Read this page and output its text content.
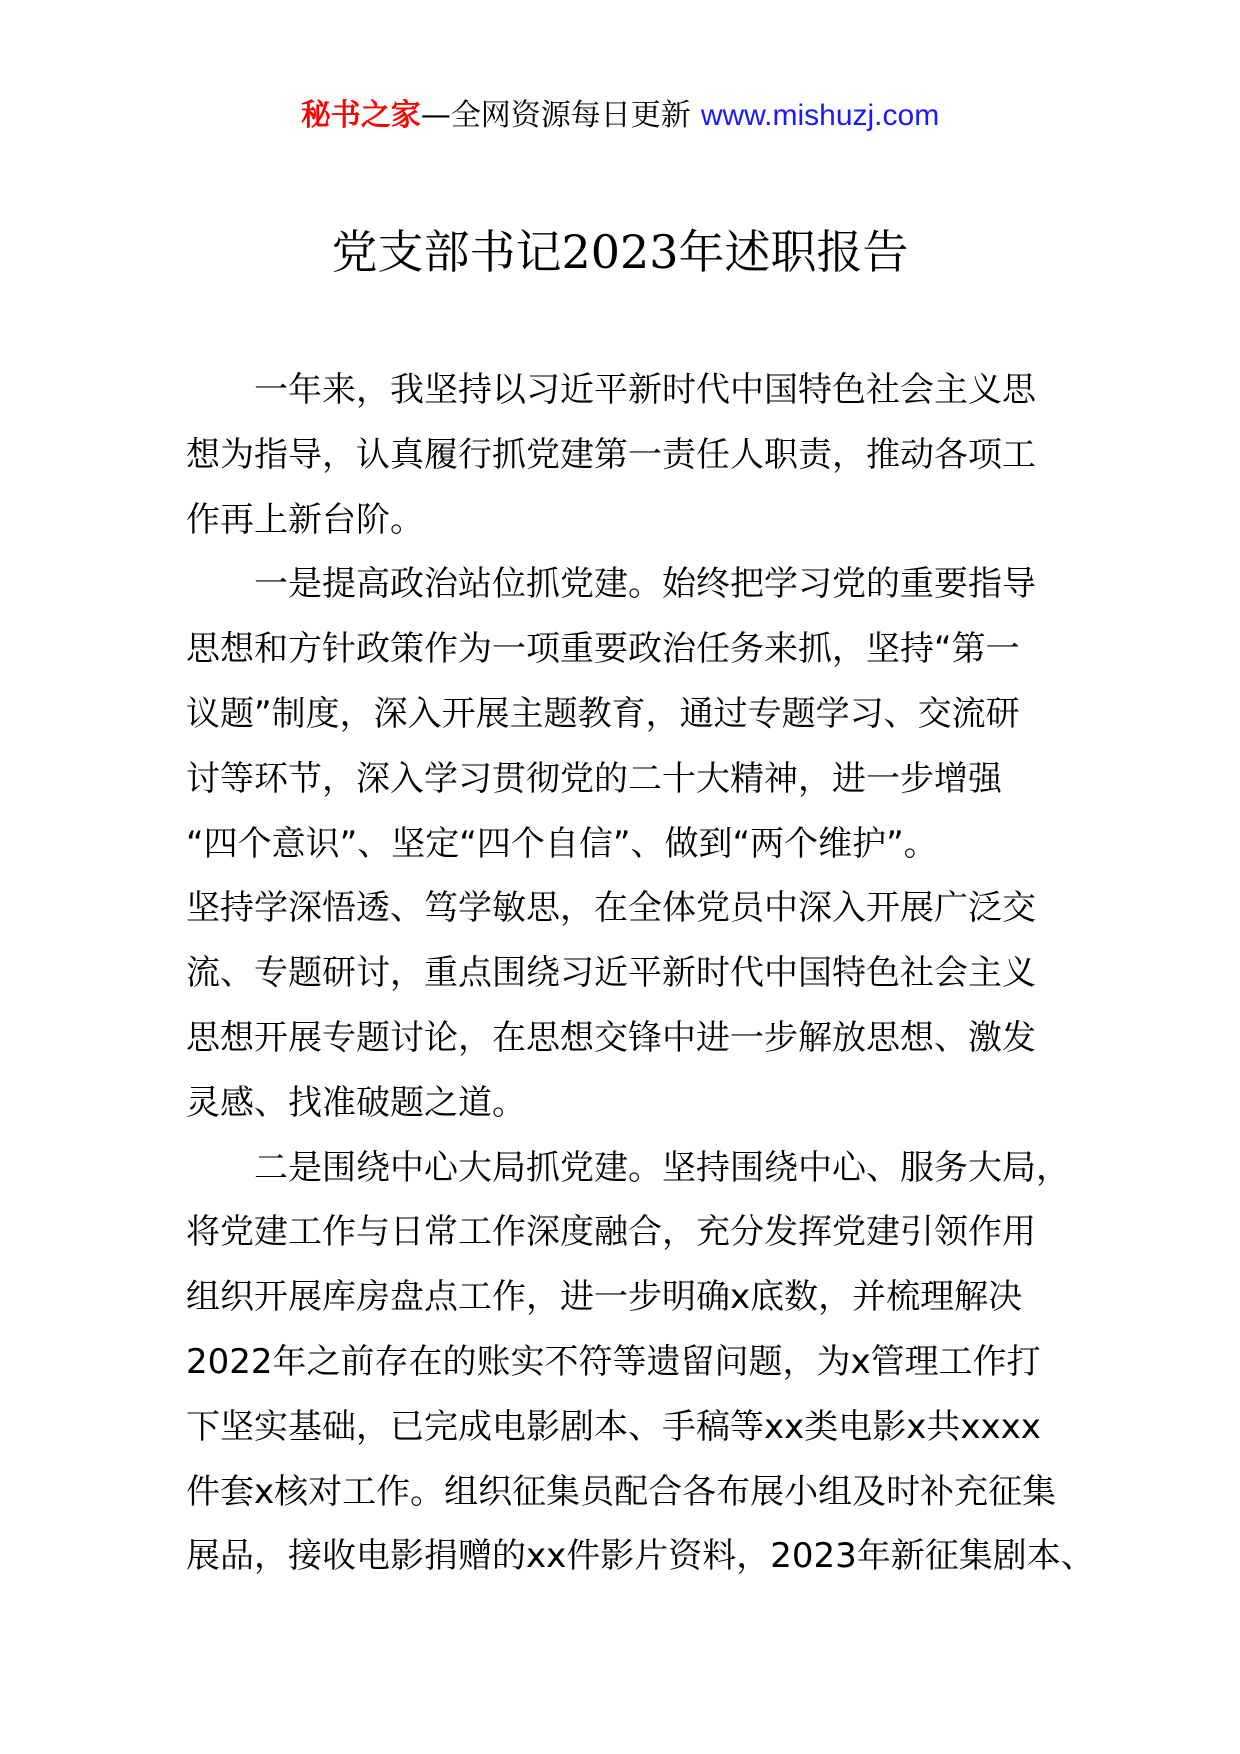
秘书之家—全网资源每日更新 www.mishuzj.com
党支部书记2023年述职报告
一年来，我坚持以习近平新时代中国特色社会主义思
想为指导，认真履行抓党建第一责任人职责，推动各项工
作再上新台阶。
一是提高政治站位抓党建。始终把学习党的重要指导
思想和方针政策作为一项重要政治任务来抓，坚持“第一
议题”制度，深入开展主题教育，通过专题学习、交流研
讨等环节，深入学习贯彻党的二十大精神，进一步增强
“四个意识”、坚定“四个自信”、做到“两个维护”。
坚持学深悟透、笃学敏思，在全体党员中深入开展广泛交
流、专题研讨，重点围绕习近平新时代中国特色社会主义
思想开展专题讨论，在思想交锋中进一步解放思想、激发
灵感、找准破题之道。
二是围绕中心大局抓党建。坚持围绕中心、服务大局，
将党建工作与日常工作深度融合，充分发挥党建引领作用
组织开展库房盘点工作，进一步明确x底数，并梳理解决
2022年之前存在的账实不符等遗留问题，为x管理工作打
下坚实基础，已完成电影剧本、手稿等xx类电影x共xxxx
件套x核对工作。组织征集员配合各布展小组及时补充征集
展品，接收电影捐赠的xx件影片资料，2023年新征集剧本、
